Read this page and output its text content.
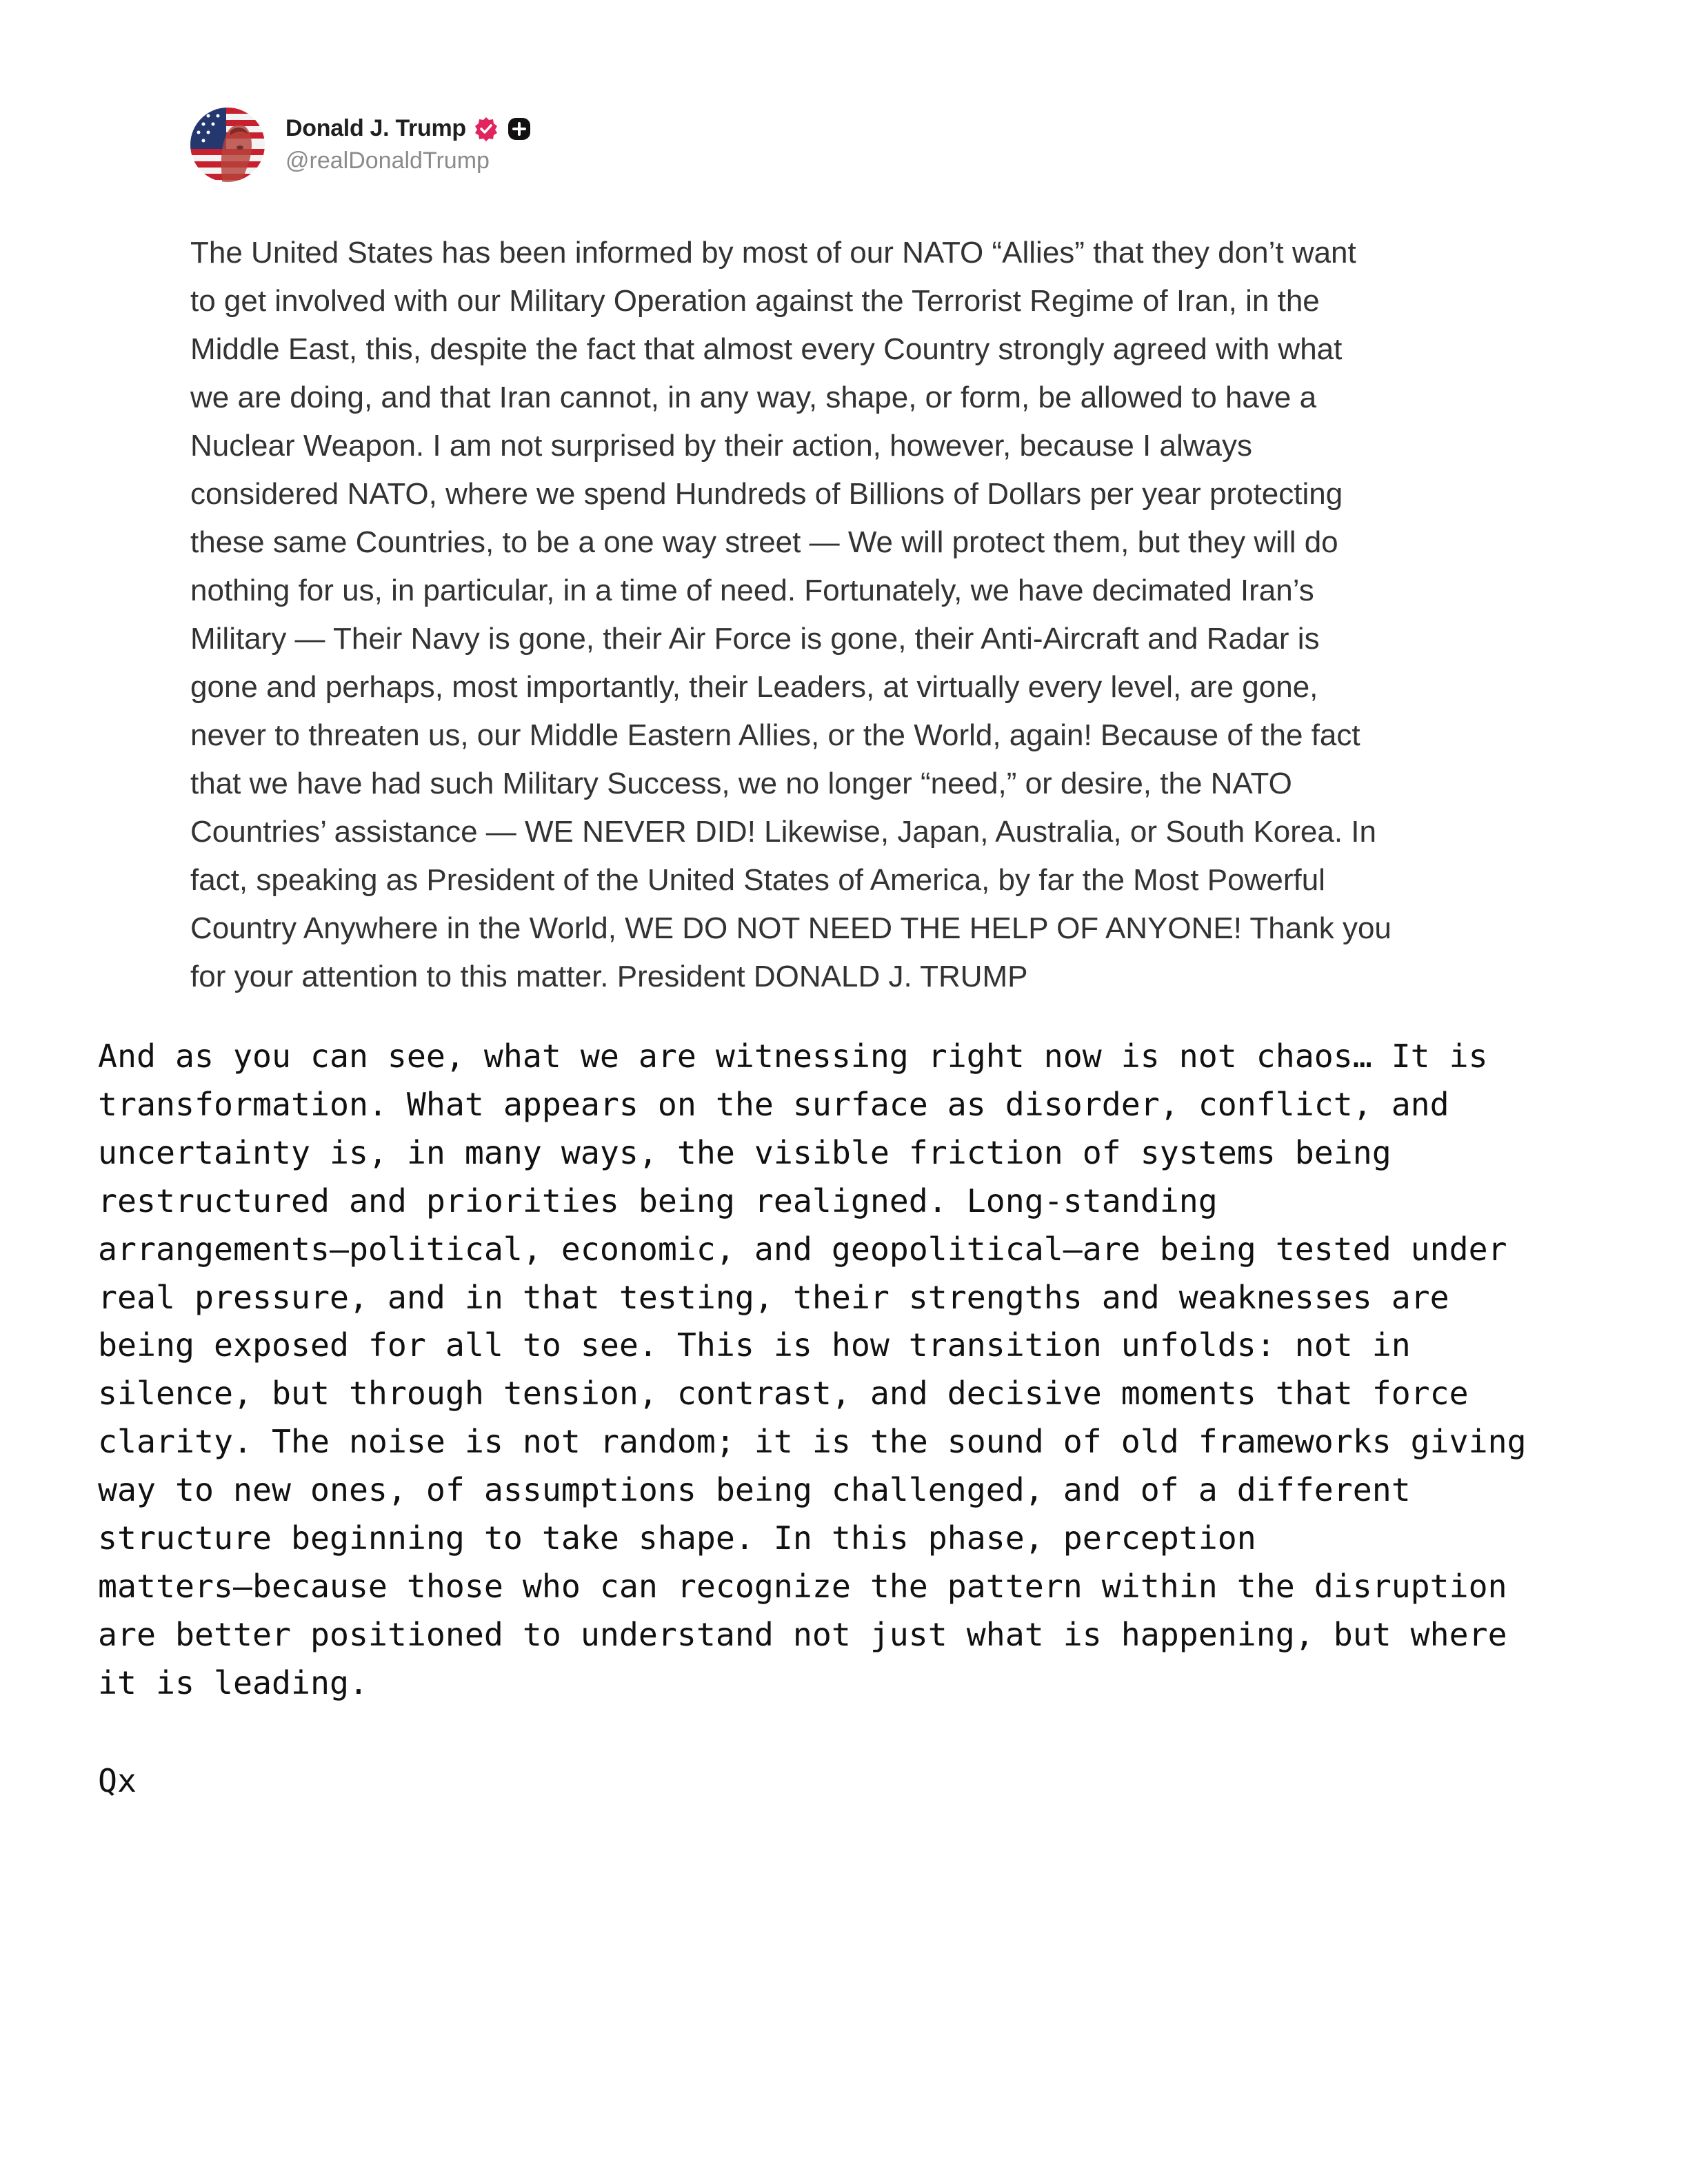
Donald J. Trump
@realDonaldTrump
The United States has been informed by most of our NATO “Allies” that they don’t want
to get involved with our Military Operation against the Terrorist Regime of Iran, in the
Middle East, this, despite the fact that almost every Country strongly agreed with what
we are doing, and that Iran cannot, in any way, shape, or form, be allowed to have a
Nuclear Weapon. I am not surprised by their action, however, because I always
considered NATO, where we spend Hundreds of Billions of Dollars per year protecting
these same Countries, to be a one way street — We will protect them, but they will do
nothing for us, in particular, in a time of need. Fortunately, we have decimated Iran’s
Military — Their Navy is gone, their Air Force is gone, their Anti-Aircraft and Radar is
gone and perhaps, most importantly, their Leaders, at virtually every level, are gone,
never to threaten us, our Middle Eastern Allies, or the World, again! Because of the fact
that we have had such Military Success, we no longer “need,” or desire, the NATO
Countries’ assistance — WE NEVER DID! Likewise, Japan, Australia, or South Korea. In
fact, speaking as President of the United States of America, by far the Most Powerful
Country Anywhere in the World, WE DO NOT NEED THE HELP OF ANYONE! Thank you
for your attention to this matter. President DONALD J. TRUMP
And as you can see, what we are witnessing right now is not chaos… It is
transformation. What appears on the surface as disorder, conflict, and
uncertainty is, in many ways, the visible friction of systems being
restructured and priorities being realigned. Long-standing
arrangements—political, economic, and geopolitical—are being tested under
real pressure, and in that testing, their strengths and weaknesses are
being exposed for all to see. This is how transition unfolds: not in
silence, but through tension, contrast, and decisive moments that force
clarity. The noise is not random; it is the sound of old frameworks giving
way to new ones, of assumptions being challenged, and of a different
structure beginning to take shape. In this phase, perception
matters—because those who can recognize the pattern within the disruption
are better positioned to understand not just what is happening, but where
it is leading.
Qx
